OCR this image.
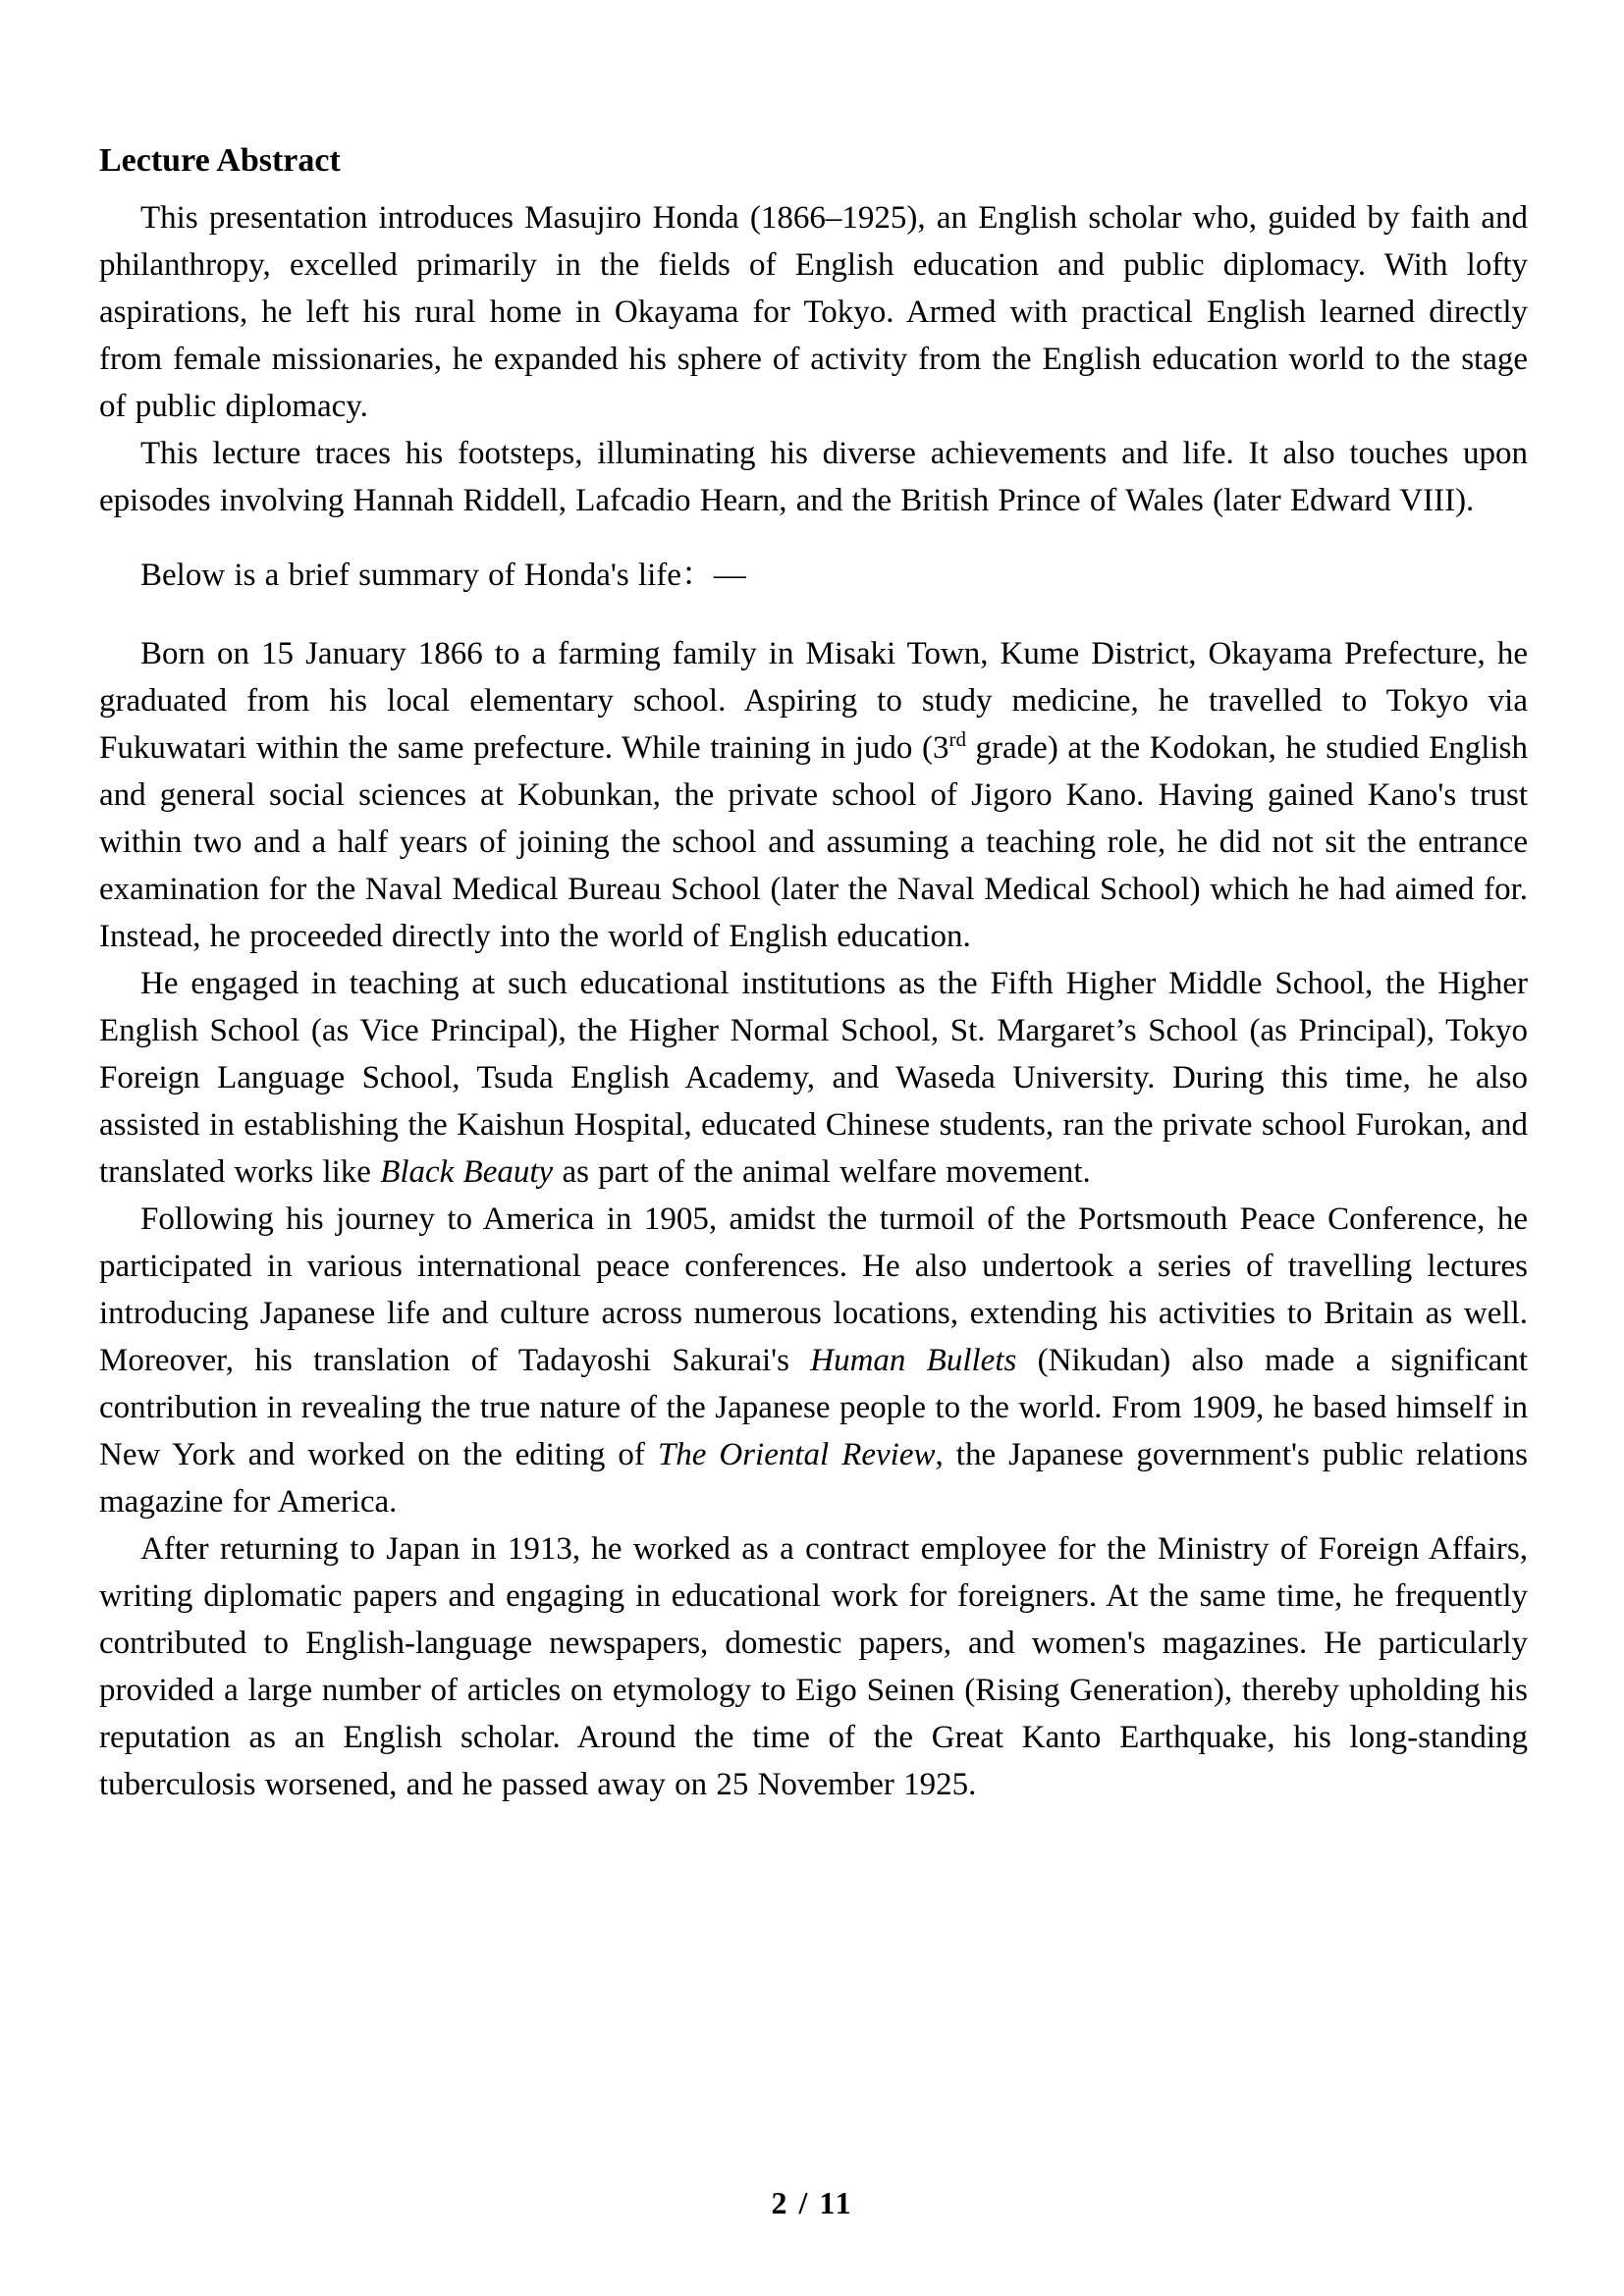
Lecture Abstract

This presentation introduces Masujiro Honda (1866–1925), an English scholar who, guided by faith and philanthropy, excelled primarily in the fields of English education and public diplomacy. With lofty aspirations, he left his rural home in Okayama for Tokyo. Armed with practical English learned directly from female missionaries, he expanded his sphere of activity from the English education world to the stage of public diplomacy.

This lecture traces his footsteps, illuminating his diverse achievements and life. It also touches upon episodes involving Hannah Riddell, Lafcadio Hearn, and the British Prince of Wales (later Edward VIII).

Below is a brief summary of Honda's life：—

Born on 15 January 1866 to a farming family in Misaki Town, Kume District, Okayama Prefecture, he graduated from his local elementary school. Aspiring to study medicine, he travelled to Tokyo via Fukuwatari within the same prefecture. While training in judo (3rd grade) at the Kodokan, he studied English and general social sciences at Kobunkan, the private school of Jigoro Kano. Having gained Kano's trust within two and a half years of joining the school and assuming a teaching role, he did not sit the entrance examination for the Naval Medical Bureau School (later the Naval Medical School) which he had aimed for. Instead, he proceeded directly into the world of English education.

He engaged in teaching at such educational institutions as the Fifth Higher Middle School, the Higher English School (as Vice Principal), the Higher Normal School, St. Margaret’s School (as Principal), Tokyo Foreign Language School, Tsuda English Academy, and Waseda University. During this time, he also assisted in establishing the Kaishun Hospital, educated Chinese students, ran the private school Furokan, and translated works like Black Beauty as part of the animal welfare movement.

Following his journey to America in 1905, amidst the turmoil of the Portsmouth Peace Conference, he participated in various international peace conferences. He also undertook a series of travelling lectures introducing Japanese life and culture across numerous locations, extending his activities to Britain as well. Moreover, his translation of Tadayoshi Sakurai's Human Bullets (Nikudan) also made a significant contribution in revealing the true nature of the Japanese people to the world. From 1909, he based himself in New York and worked on the editing of The Oriental Review, the Japanese government's public relations magazine for America.

After returning to Japan in 1913, he worked as a contract employee for the Ministry of Foreign Affairs, writing diplomatic papers and engaging in educational work for foreigners. At the same time, he frequently contributed to English-language newspapers, domestic papers, and women's magazines. He particularly provided a large number of articles on etymology to Eigo Seinen (Rising Generation), thereby upholding his reputation as an English scholar. Around the time of the Great Kanto Earthquake, his long-standing tuberculosis worsened, and he passed away on 25 November 1925.

2 / 11
